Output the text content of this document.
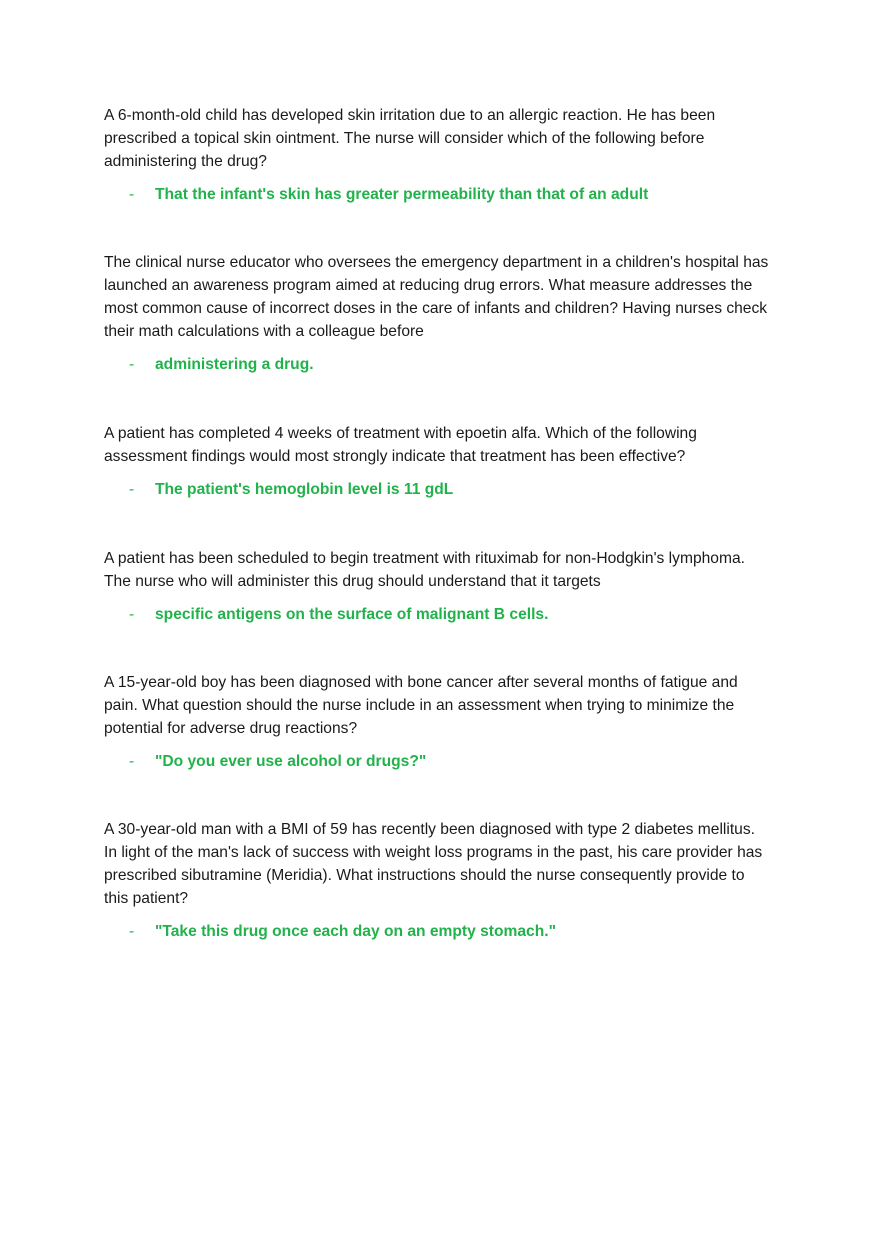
A 6-month-old child has developed skin irritation due to an allergic reaction. He has been prescribed a topical skin ointment. The nurse will consider which of the following before administering the drug?

-	That the infant's skin has greater permeability than that of an adult

The clinical nurse educator who oversees the emergency department in a children's hospital has launched an awareness program aimed at reducing drug errors. What measure addresses the most common cause of incorrect doses in the care of infants and children? Having nurses check their math calculations with a colleague before

-	administering a drug.

A patient has completed 4 weeks of treatment with epoetin alfa. Which of the following assessment findings would most strongly indicate that treatment has been effective?

-	The patient's hemoglobin level is 11 gdL

A patient has been scheduled to begin treatment with rituximab for non-Hodgkin's lymphoma. The nurse who will administer this drug should understand that it targets

-	specific antigens on the surface of malignant B cells.

A 15-year-old boy has been diagnosed with bone cancer after several months of fatigue and pain. What question should the nurse include in an assessment when trying to minimize the potential for adverse drug reactions?

-	"Do you ever use alcohol or drugs?"

A 30-year-old man with a BMI of 59 has recently been diagnosed with type 2 diabetes mellitus. In light of the man's lack of success with weight loss programs in the past, his care provider has prescribed sibutramine (Meridia). What instructions should the nurse consequently provide to this patient?

-	"Take this drug once each day on an empty stomach."
